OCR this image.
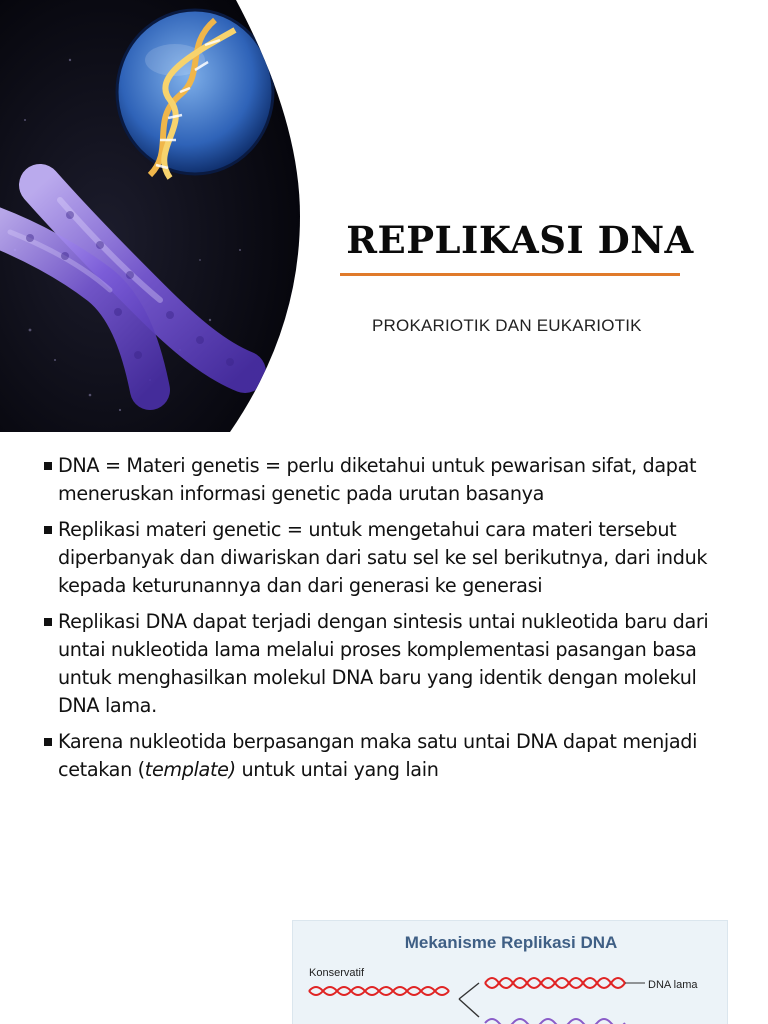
REPLIKASI DNA
PROKARIOTIK DAN EUKARIOTIK
DNA = Materi genetis = perlu diketahui untuk pewarisan sifat, dapat meneruskan informasi genetic pada urutan basanya
Replikasi materi genetic = untuk mengetahui cara materi tersebut diperbanyak dan diwariskan dari satu sel ke sel berikutnya, dari induk kepada keturunannya dan dari generasi ke generasi
Replikasi DNA dapat terjadi dengan sintesis untai nukleotida baru dari untai nukleotida lama melalui proses komplementasi pasangan basa untuk menghasilkan molekul DNA baru yang identik dengan molekul DNA lama.
Karena nukleotida berpasangan maka satu untai DNA dapat menjadi cetakan (template) untuk untai yang lain
Mekanisme Replikasi DNA
Konservatif
DNA lama
